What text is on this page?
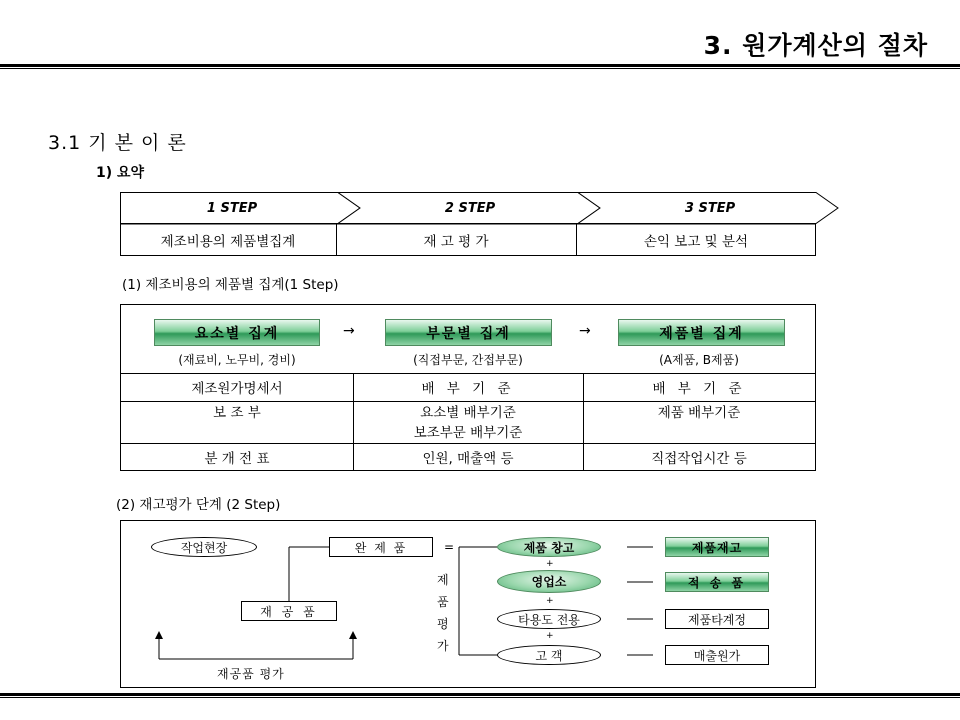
3. 원가계산의 절차
3.1 기 본 이 론
1) 요약
1 STEP	2 STEP	3 STEP
제조비용의 제품별집계	재 고 평 가	손익 보고 및 분석
(1) 제조비용의 제품별 집계(1 Step)
요소별 집계	→	부문별 집계	→	제품별 집계
(재료비, 노무비, 경비)	(직접부문, 간접부문)	(A제품, B제품)
제조원가명세서	배 부 기 준	배 부 기 준
보 조 부	요소별 배부기준	제품 배부기준
보조부문 배부기준
분 개 전 표	인원, 매출액 등	직접작업시간 등
(2) 재고평가 단계 (2 Step)
작업현장	완 제 품	=
재 공 품
재공품 평가
제
품
평
가
제품 창고
+
영업소
+
타용도 전용
+
고 객
제품재고
적 송 품
제품타계정
매출원가
